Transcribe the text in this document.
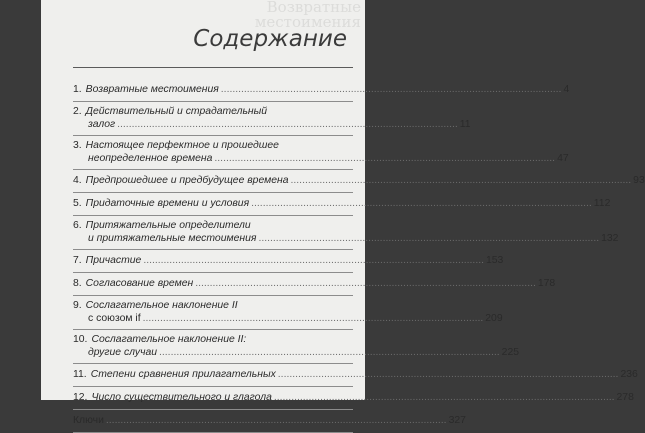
Возвратные
местоимения
Содержание
1. Возвратные местоимения .....	4
2. Действительный и страдательный
залог .....	11
3. Настоящее перфектное и прошедшее
неопределенное времена .....	47
4. Предпрошедшее и предбудущее времена .....	93
5. Придаточные времени и условия .....	112
6. Притяжательные определители
и притяжательные местоимения .....	132
7. Причастие .....	153
8. Согласование времен .....	178
9. Сослагательное наклонение II
с союзом if .....	209
10. Сослагательное наклонение II:
другие случаи .....	225
11. Степени сравнения прилагательных .....	236
12. Число существительного и глагола .....	278
Ключи .....	327
